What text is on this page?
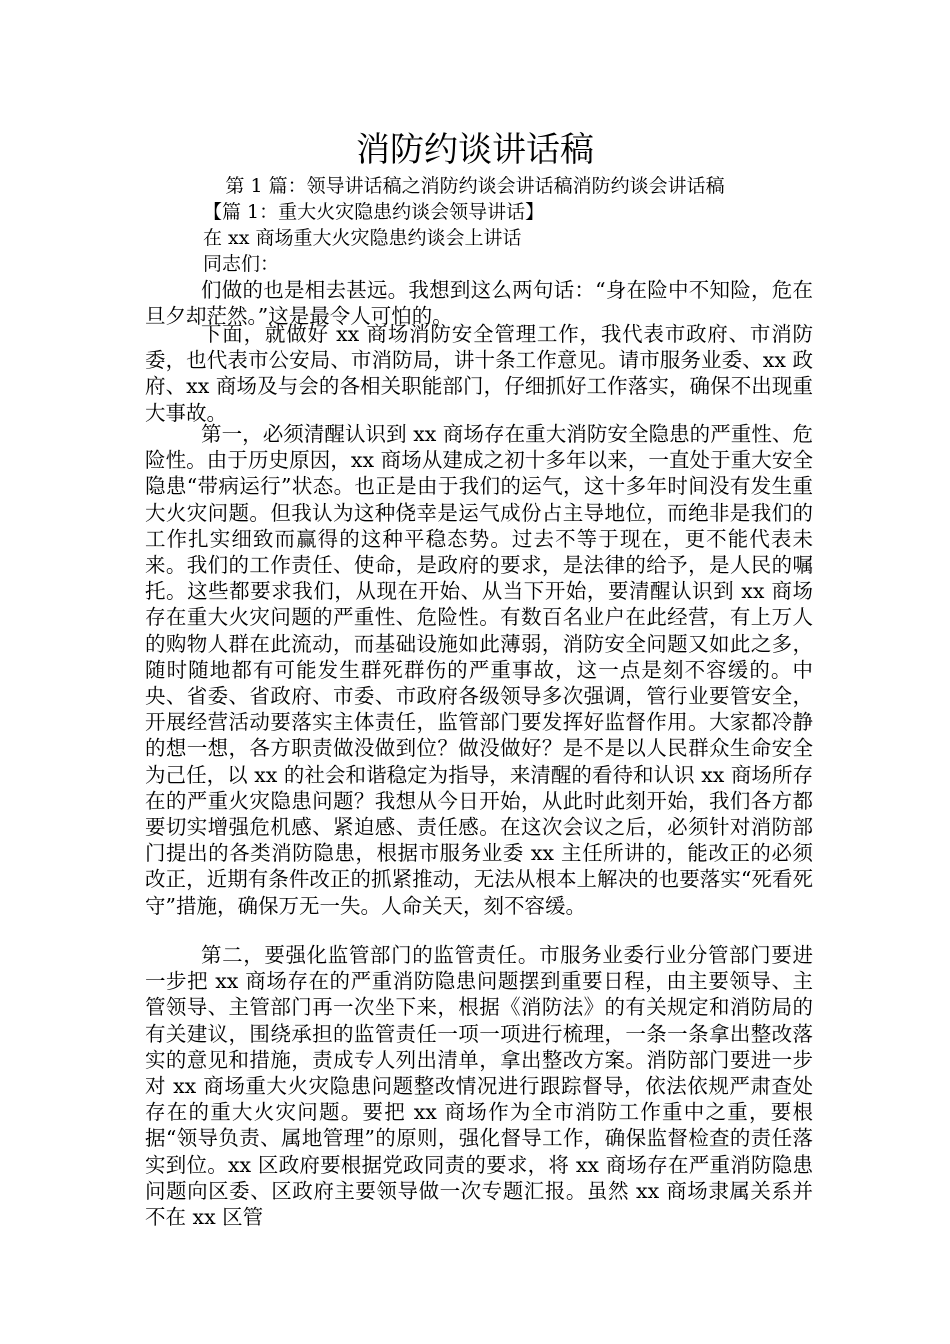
消防约谈讲话稿

第 1 篇：领导讲话稿之消防约谈会讲话稿消防约谈会讲话稿

【篇 1：重大火灾隐患约谈会领导讲话】

在 xx 商场重大火灾隐患约谈会上讲话

同志们：

们做的也是相去甚远。我想到这么两句话：“身在险中不知险，危在旦夕却茫然。”这是最令人可怕的。

下面，就做好 xx 商场消防安全管理工作，我代表市政府、市消防委，也代表市公安局、市消防局，讲十条工作意见。请市服务业委、xx 政府、xx 商场及与会的各相关职能部门，仔细抓好工作落实，确保不出现重大事故。

第一，必须清醒认识到 xx 商场存在重大消防安全隐患的严重性、危险性。由于历史原因，xx 商场从建成之初十多年以来，一直处于重大安全隐患“带病运行”状态。也正是由于我们的运气，这十多年时间没有发生重大火灾问题。但我认为这种侥幸是运气成份占主导地位，而绝非是我们的工作扎实细致而赢得的这种平稳态势。过去不等于现在，更不能代表未来。我们的工作责任、使命，是政府的要求，是法律的给予，是人民的嘱托。这些都要求我们，从现在开始、从当下开始，要清醒认识到 xx 商场存在重大火灾问题的严重性、危险性。有数百名业户在此经营，有上万人的购物人群在此流动，而基础设施如此薄弱，消防安全问题又如此之多，随时随地都有可能发生群死群伤的严重事故，这一点是刻不容缓的。中央、省委、省政府、市委、市政府各级领导多次强调，管行业要管安全，开展经营活动要落实主体责任，监管部门要发挥好监督作用。大家都冷静的想一想，各方职责做没做到位？做没做好？是不是以人民群众生命安全为己任，以 xx 的社会和谐稳定为指导，来清醒的看待和认识 xx 商场所存在的严重火灾隐患问题？我想从今日开始，从此时此刻开始，我们各方都要切实增强危机感、紧迫感、责任感。在这次会议之后，必须针对消防部门提出的各类消防隐患，根据市服务业委 xx 主任所讲的，能改正的必须改正，近期有条件改正的抓紧推动，无法从根本上解决的也要落实“死看死守”措施，确保万无一失。人命关天，刻不容缓。

第二，要强化监管部门的监管责任。市服务业委行业分管部门要进一步把 xx 商场存在的严重消防隐患问题摆到重要日程，由主要领导、主管领导、主管部门再一次坐下来，根据《消防法》的有关规定和消防局的有关建议，围绕承担的监管责任一项一项进行梳理，一条一条拿出整改落实的意见和措施，责成专人列出清单，拿出整改方案。消防部门要进一步对 xx 商场重大火灾隐患问题整改情况进行跟踪督导，依法依规严肃查处存在的重大火灾问题。要把 xx 商场作为全市消防工作重中之重，要根据“领导负责、属地管理”的原则，强化督导工作，确保监督检查的责任落实到位。xx 区政府要根据党政同责的要求，将 xx 商场存在严重消防隐患问题向区委、区政府主要领导做一次专题汇报。虽然 xx 商场隶属关系并不在 xx 区管
